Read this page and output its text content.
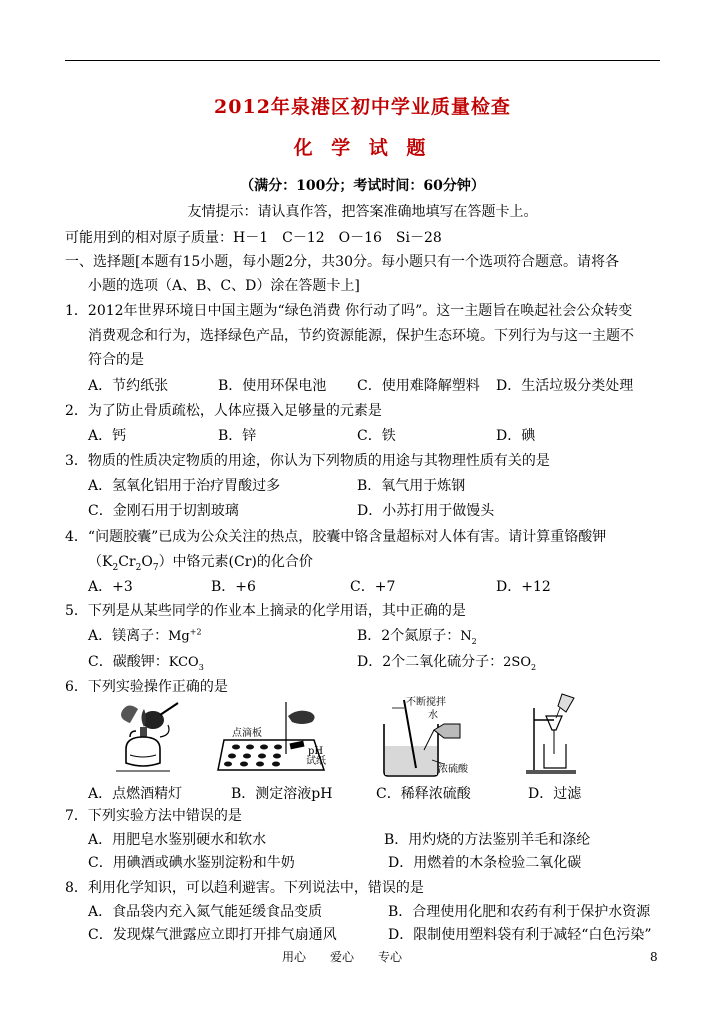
2012年泉港区初中学业质量检查
化 学 试 题
（满分：100分；考试时间：60分钟）
友情提示：请认真作答，把答案准确地填写在答题卡上。
可能用到的相对原子质量：H－1　C－12　O－16　Si－28
一、选择题[本题有15小题，每小题2分，共30分。每小题只有一个选项符合题意。请将各
小题的选项（A、B、C、D）涂在答题卡上]
1．2012年世界环境日中国主题为“绿色消费 你行动了吗”。这一主题旨在唤起社会公众转变
消费观念和行为，选择绿色产品，节约资源能源，保护生态环境。下列行为与这一主题不
符合的是
A．节约纸张	B．使用环保电池 C．使用难降解塑料 D．生活垃圾分类处理
2．为了防止骨质疏松，人体应摄入足够量的元素是
A．钙	B．锌	C．铁	D．碘
3．物质的性质决定物质的用途，你认为下列物质的用途与其物理性质有关的是
A．氢氧化铝用于治疗胃酸过多	B．氧气用于炼钢
C．金刚石用于切割玻璃	D．小苏打用于做馒头
4．“问题胶囊”已成为公众关注的热点，胶囊中铬含量超标对人体有害。请计算重铬酸钾
$(K_2Cr_2O_7)$中铬元素(Cr)的化合价
A．+3	B．+6	C．+7	D．+12
5．下列是从某些同学的作业本上摘录的化学用语，其中正确的是
A．镁离子：$Mg^{+2}$	B．2个氮原子：$N_2$
C．碳酸钾：$KCO_3$	D．2个二氧化硫分子：$2SO_2$
6．下列实验操作正确的是
点滴板
pH
试纸
不断搅拌
水
浓硫酸
A．点燃酒精灯	B．测定溶液pH	C．稀释浓硫酸	D．过滤
7．下列实验方法中错误的是
A．用肥皂水鉴别硬水和软水	B．用灼烧的方法鉴别羊毛和涤纶
C．用碘酒或碘水鉴别淀粉和牛奶	D．用燃着的木条检验二氧化碳
8．利用化学知识，可以趋利避害。下列说法中，错误的是
A．食品袋内充入氮气能延缓食品变质	B．合理使用化肥和农药有利于保护水资源
C．发现煤气泄露应立即打开排气扇通风	D．限制使用塑料袋有利于减轻“白色污染”
用心　　爱心　　专心	8
